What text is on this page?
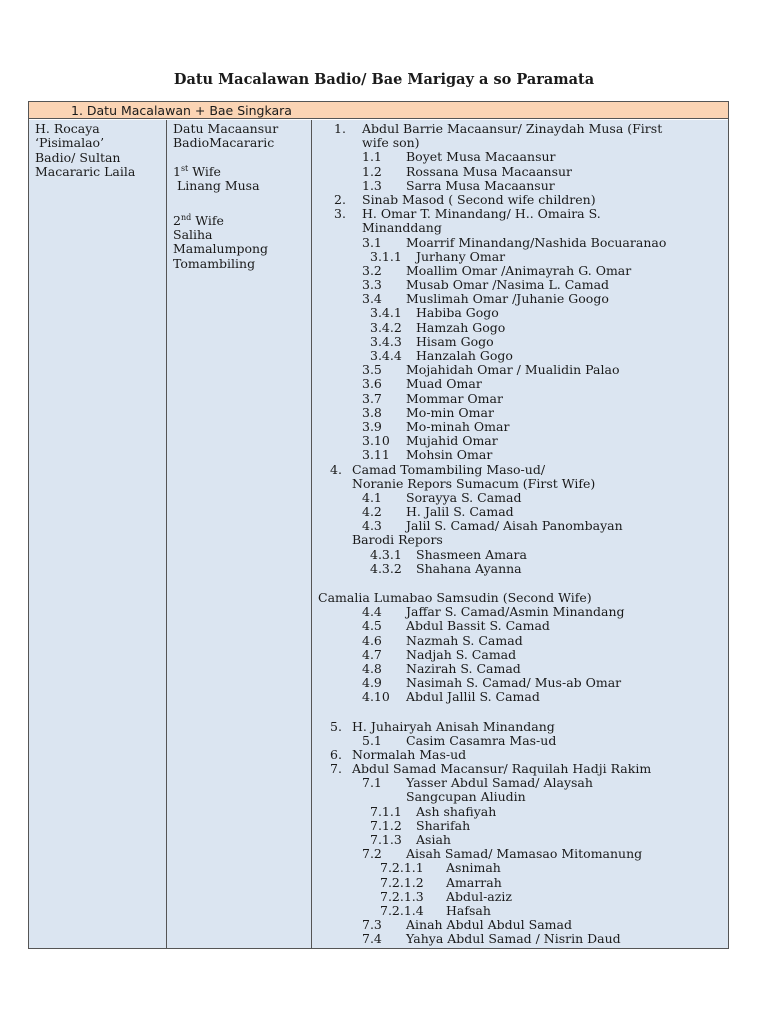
Datu Macalawan Badio/ Bae Marigay a so Paramata
1. Datu Macalawan + Bae Singkara
H. Rocaya
‘Pisimalao’
Badio/ Sultan
Macararic Laila
Datu Macaansur
BadioMacararic
1st Wife
Linang Musa
2nd Wife
Saliha
Mamalumpong
Tomambiling
1. Abdul Barrie Macaansur/ Zinaydah Musa (First
wife son)
1.1 Boyet Musa Macaansur
1.2 Rossana Musa Macaansur
1.3 Sarra Musa Macaansur
2. Sinab Masod ( Second wife children)
3. H. Omar T. Minandang/ H.. Omaira S.
Minanddang
3.1 Moarrif Minandang/Nashida Bocuaranao
3.1.1 Jurhany Omar
3.2 Moallim Omar /Animayrah G. Omar
3.3 Musab Omar /Nasima L. Camad
3.4 Muslimah Omar /Juhanie Googo
3.4.1 Habiba Gogo
3.4.2 Hamzah Gogo
3.4.3 Hisam Gogo
3.4.4 Hanzalah Gogo
3.5 Mojahidah Omar / Mualidin Palao
3.6 Muad Omar
3.7 Mommar Omar
3.8 Mo-min Omar
3.9 Mo-minah Omar
3.10 Mujahid Omar
3.11 Mohsin Omar
4. Camad Tomambiling Maso-ud/
Noranie Repors Sumacum (First Wife)
4.1 Sorayya S. Camad
4.2 H. Jalil S. Camad
4.3 Jalil S. Camad/ Aisah Panombayan
Barodi Repors
4.3.1 Shasmeen Amara
4.3.2 Shahana Ayanna
Camalia Lumabao Samsudin (Second Wife)
4.4 Jaffar S. Camad/Asmin Minandang
4.5 Abdul Bassit S. Camad
4.6 Nazmah S. Camad
4.7 Nadjah S. Camad
4.8 Nazirah S. Camad
4.9 Nasimah S. Camad/ Mus-ab Omar
4.10 Abdul Jallil S. Camad
5. H. Juhairyah Anisah Minandang
5.1 Casim Casamra Mas-ud
6. Normalah Mas-ud
7. Abdul Samad Macansur/ Raquilah Hadji Rakim
7.1 Yasser Abdul Samad/ Alaysah
Sangcupan Aliudin
7.1.1 Ash shafiyah
7.1.2 Sharifah
7.1.3 Asiah
7.2 Aisah Samad/ Mamasao Mitomanung
7.2.1.1 Asnimah
7.2.1.2 Amarrah
7.2.1.3 Abdul-aziz
7.2.1.4 Hafsah
7.3 Ainah Abdul Abdul Samad
7.4 Yahya Abdul Samad / Nisrin Daud
